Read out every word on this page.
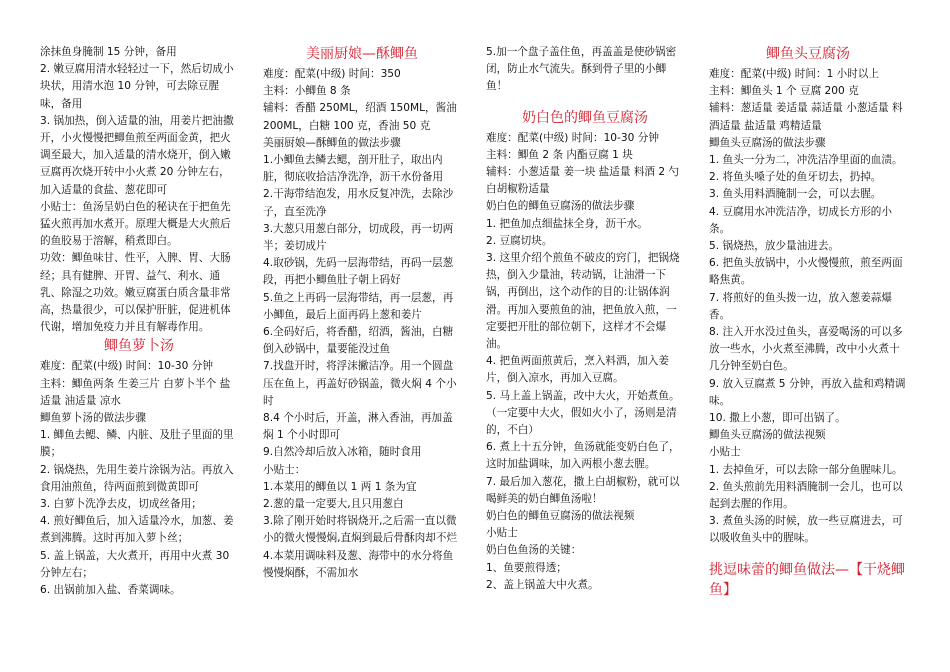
涂抹鱼身腌制 15 分钟，备用

2. 嫩豆腐用清水轻轻过一下，然后切成小块状，用清水泡 10 分钟，可去除豆腥味，备用

3. 锅加热，倒入适量的油，用姜片把油撒开，小火慢慢把鲫鱼煎至两面金黄，把火调至最大，加入适量的清水烧开，倒入嫩豆腐再次烧开转中小火煮 20 分钟左右，加入适量的食盐、葱花即可

小贴士：鱼汤呈奶白色的秘诀在于把鱼先猛火煎再加水煮开。原理大概是大火煎后的鱼胶易于溶解，稍煮即白。

功效：鲫鱼味甘、性平，入脾、胃、大肠经；具有健脾、开胃、益气、利水、通乳、除湿之功效。嫩豆腐蛋白质含量非常高，热量很少，可以保护肝脏，促进机体代谢，增加免疫力并且有解毒作用。

鲫鱼萝卜汤

难度：配菜(中级) 时间：10-30 分钟

主料：鲫鱼两条 生姜三片 白萝卜半个 盐适量 油适量 凉水

鲫鱼萝卜汤的做法步骤

1. 鲫鱼去鳃、鳞、内脏、及肚子里面的里膜；

2. 锅烧热，先用生姜片涂锅为沾。再放入食用油煎鱼，待两面煎到微黄即可

3. 白萝卜洗净去皮，切成丝备用；

4. 煎好鲫鱼后，加入适量冷水，加葱、姜煮到沸腾。这时再加入萝卜丝；

5. 盖上锅盖，大火煮开，再用中火煮 30 分钟左右；

6. 出锅前加入盐、香菜调味。

美丽厨娘—酥鲫鱼

难度：配菜(中级) 时间：350

主料：小鲫鱼 8 条

辅料：香醋 250ML，绍酒 150ML，酱油 200ML，白糖 100 克，香油 50 克

美丽厨娘—酥鲫鱼的做法步骤

1.小鲫鱼去鳞去鳃，剖开肚子，取出内脏，彻底收拾洁净洗净，沥干水份备用

2.干海带结泡发，用水反复冲洗，去除沙子，直至洗净

3.大葱只用葱白部分，切成段，再一切两半；姜切成片

4.取砂锅，先码一层海带结，再码一层葱段，再把小鲫鱼肚子朝上码好

5.鱼之上再码一层海带结，再一层葱，再小鲫鱼，最后上面再码上葱和姜片

6.全码好后，将香醋，绍酒，酱油，白糖倒入砂锅中，量要能没过鱼

7.找盘开时，将浮沫撇洁净。用一个圆盘压在鱼上，再盖好砂锅盖，微火焖 4 个小时

8.4 个小时后，开盖，淋入香油，再加盖焖 1 个小时即可

9.自然冷却后放入冰箱，随时食用

小贴士：

1.本菜用的鲫鱼以 1 两 1 条为宜

2.葱的量一定要大,且只用葱白

3.除了刚开始时将锅烧开,之后需一直以微小的微火慢慢焖,直焖到最后骨酥肉却不烂

4.本菜用调味料及葱、海带中的水分将鱼慢慢焖酥，不需加水

5.加一个盘子盖住鱼，再盖盖是使砂锅密闭，防止水气流失。酥到骨子里的小鲫鱼！

奶白色的鲫鱼豆腐汤

难度：配菜(中级) 时间：10-30 分钟

主料：鲫鱼 2 条 内酯豆腐 1 块

辅料：小葱适量 姜一块 盐适量 料酒 2 勺

白胡椒粉适量

奶白色的鲫鱼豆腐汤的做法步骤

1. 把鱼加点细盐抹全身，沥干水。

2. 豆腐切块。

3. 这里介绍个煎鱼不破皮的窍门，把锅烧热，倒入少量油，转动锅，让油滑一下锅，再倒出，这个动作的目的:让锅体润滑。再加入要煎鱼的油，把鱼放入煎，一定要把开肚的部位朝下，这样才不会爆油。

4. 把鱼两面煎黄后，烹入料酒，加入姜片，倒入凉水，再加入豆腐。

5. 马上盖上锅盖，改中大火，开始煮鱼。（一定要中大火，假如火小了，汤则是清的，不白）

6. 煮上十五分钟，鱼汤就能变奶白色了，这时加盐调味，加入两根小葱去腥。

7. 最后加入葱花，撒上白胡椒粉，就可以喝鲜美的奶白鲫鱼汤啦！

奶白色的鲫鱼豆腐汤的做法视频

小贴士

奶白色鱼汤的关键：

1、鱼要煎得透；

2、盖上锅盖大中火煮。

鲫鱼头豆腐汤

难度：配菜(中级) 时间：1 小时以上

主料：鲫鱼头 1 个 豆腐 200 克

辅料：葱适量 姜适量 蒜适量 小葱适量 料酒适量 盐适量 鸡精适量

鲫鱼头豆腐汤的做法步骤

1. 鱼头一分为二，冲洗洁净里面的血渍。

2. 将鱼头嗓子处的鱼牙切去，扔掉。

3. 鱼头用料酒腌制一会，可以去腥。

4. 豆腐用水冲洗洁净，切成长方形的小条。

5. 锅烧热，放少量油进去。

6. 把鱼头放锅中，小火慢慢煎，煎至两面略焦黄。

7. 将煎好的鱼头拨一边，放入葱姜蒜爆香。

8. 注入开水没过鱼头，喜爱喝汤的可以多放一些水，小火煮至沸腾，改中小火煮十几分钟至奶白色。

9. 放入豆腐煮 5 分钟，再放入盐和鸡精调味。

10. 撒上小葱，即可出锅了。

鲫鱼头豆腐汤的做法视频

小贴士

1. 去掉鱼牙，可以去除一部分鱼腥味儿。

2. 鱼头煎前先用料酒腌制一会儿，也可以起到去腥的作用。

3. 煮鱼头汤的时候，放一些豆腐进去，可以吸收鱼头中的腥味。

挑逗味蕾的鲫鱼做法—【干烧鲫鱼】
